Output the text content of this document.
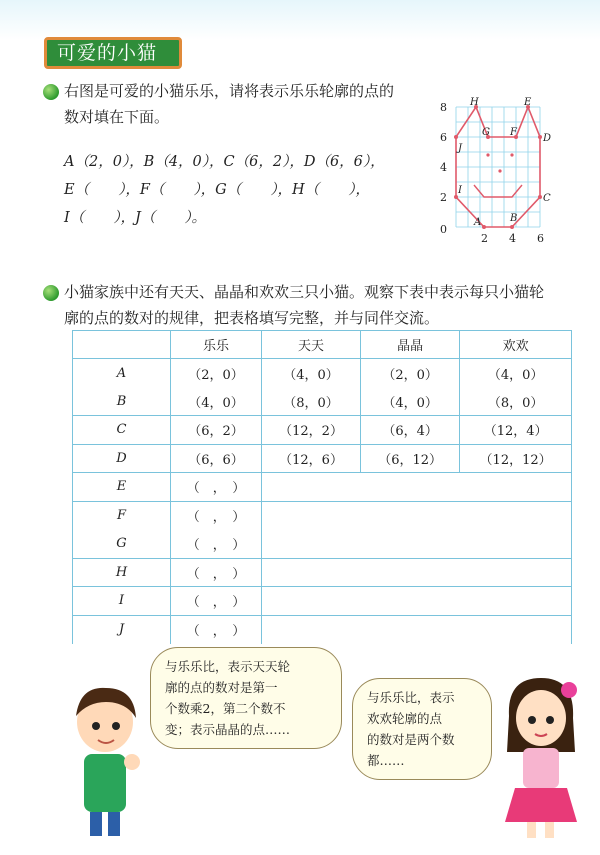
可爱的小猫
右图是可爱的小猫乐乐，请将表示乐乐轮廓的点的
数对填在下面。
A（2，0），B（4，0），C（6，2），D（6，6），
E（　　），F（　　），G（　　），H（　　），
I（　　），J（　　）。
8
6
4
2
0
2 4 6
H	E
G F
D
J
I
C
A	B
小猫家族中还有天天、晶晶和欢欢三只小猫。观察下表中表示每只小猫轮
廓的点的数对的规律，把表格填写完整，并与同伴交流。
	乐乐	天天	晶晶	欢欢
A	（2，0）	（4，0）	（2，0）	（4，0）
B	（4，0）	（8，0）	（4，0）	（8，0）
C	（6，2）	（12，2）	（6，4）	（12，4）
D	（6，6）	（12，6）	（6，12）	（12，12）
E	（　，　）			
F	（　，　）			
G	（　，　）			
H	（　，　）			
I	（　，　）			
J	（　，　）			
与乐乐比，表示天天轮
廓的点的数对是第一
个数乘2，第二个数不
变；表示晶晶的点……
与乐乐比，表示
欢欢轮廓的点
的数对是两个数
都……
